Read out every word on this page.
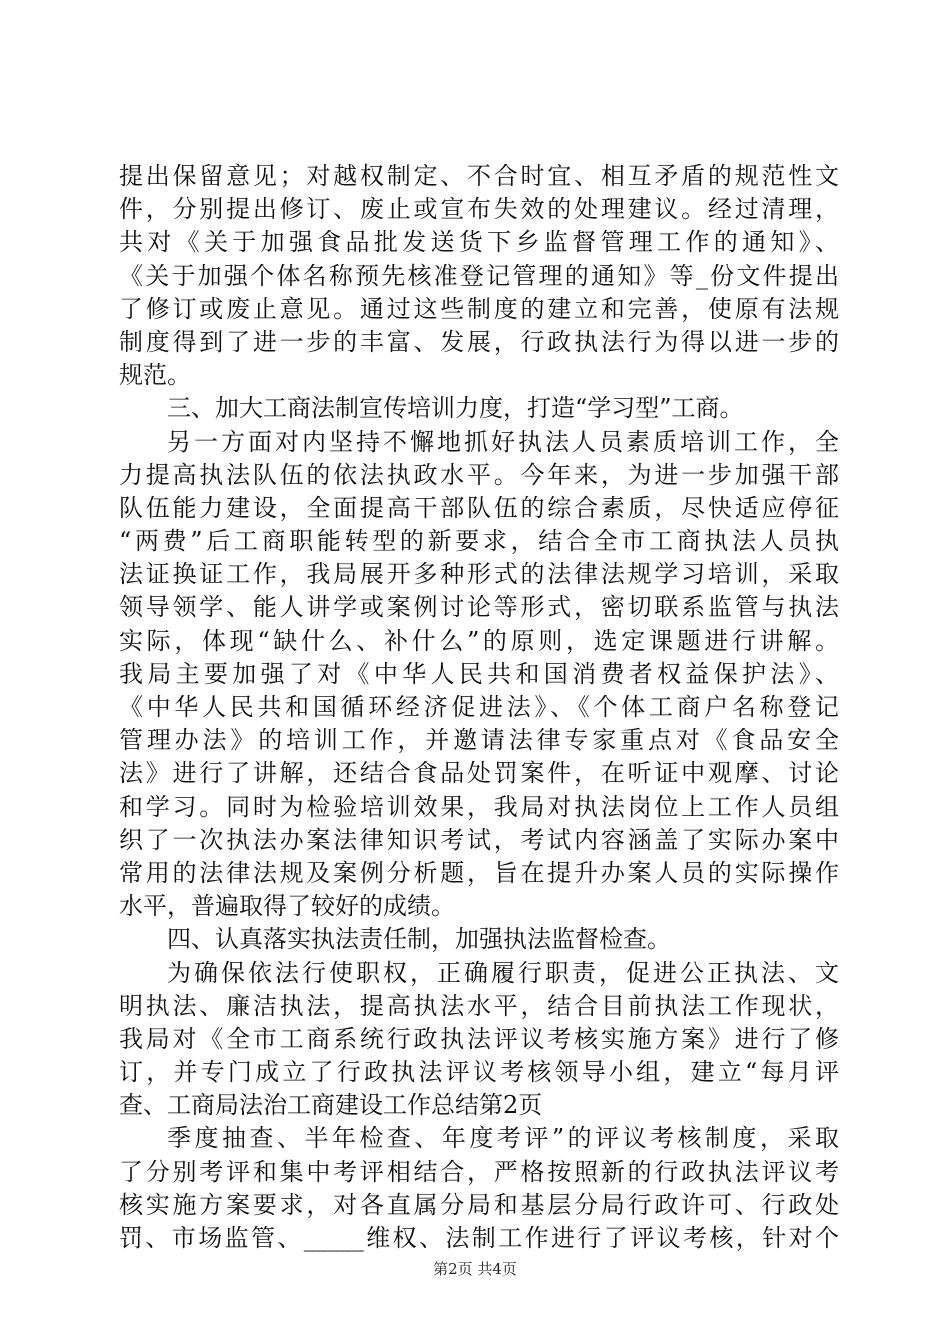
提出保留意见；对越权制定、不合时宜、相互矛盾的规范性文
件，分别提出修订、废止或宣布失效的处理建议。经过清理，
共对《关于加强食品批发送货下乡监督管理工作的通知》、
《关于加强个体名称预先核准登记管理的通知》等_份文件提出
了修订或废止意见。通过这些制度的建立和完善，使原有法规
制度得到了进一步的丰富、发展，行政执法行为得以进一步的
规范。
三、加大工商法制宣传培训力度，打造“学习型”工商。
另一方面对内坚持不懈地抓好执法人员素质培训工作，全
力提高执法队伍的依法执政水平。今年来，为进一步加强干部
队伍能力建设，全面提高干部队伍的综合素质，尽快适应停征
“两费”后工商职能转型的新要求，结合全市工商执法人员执
法证换证工作，我局展开多种形式的法律法规学习培训，采取
领导领学、能人讲学或案例讨论等形式，密切联系监管与执法
实际，体现“缺什么、补什么”的原则，选定课题进行讲解。
我局主要加强了对《中华人民共和国消费者权益保护法》、
《中华人民共和国循环经济促进法》、《个体工商户名称登记
管理办法》的培训工作，并邀请法律专家重点对《食品安全
法》进行了讲解，还结合食品处罚案件，在听证中观摩、讨论
和学习。同时为检验培训效果，我局对执法岗位上工作人员组
织了一次执法办案法律知识考试，考试内容涵盖了实际办案中
常用的法律法规及案例分析题，旨在提升办案人员的实际操作
水平，普遍取得了较好的成绩。
四、认真落实执法责任制，加强执法监督检查。
为确保依法行使职权，正确履行职责，促进公正执法、文
明执法、廉洁执法，提高执法水平，结合目前执法工作现状，
我局对《全市工商系统行政执法评议考核实施方案》进行了修
订，并专门成立了行政执法评议考核领导小组，建立“每月评
查、工商局法治工商建设工作总结第2页
季度抽查、半年检查、年度考评”的评议考核制度，采取
了分别考评和集中考评相结合，严格按照新的行政执法评议考
核实施方案要求，对各直属分局和基层分局行政许可、行政处
罚、市场监管、_____维权、法制工作进行了评议考核，针对个
第2页 共4页
